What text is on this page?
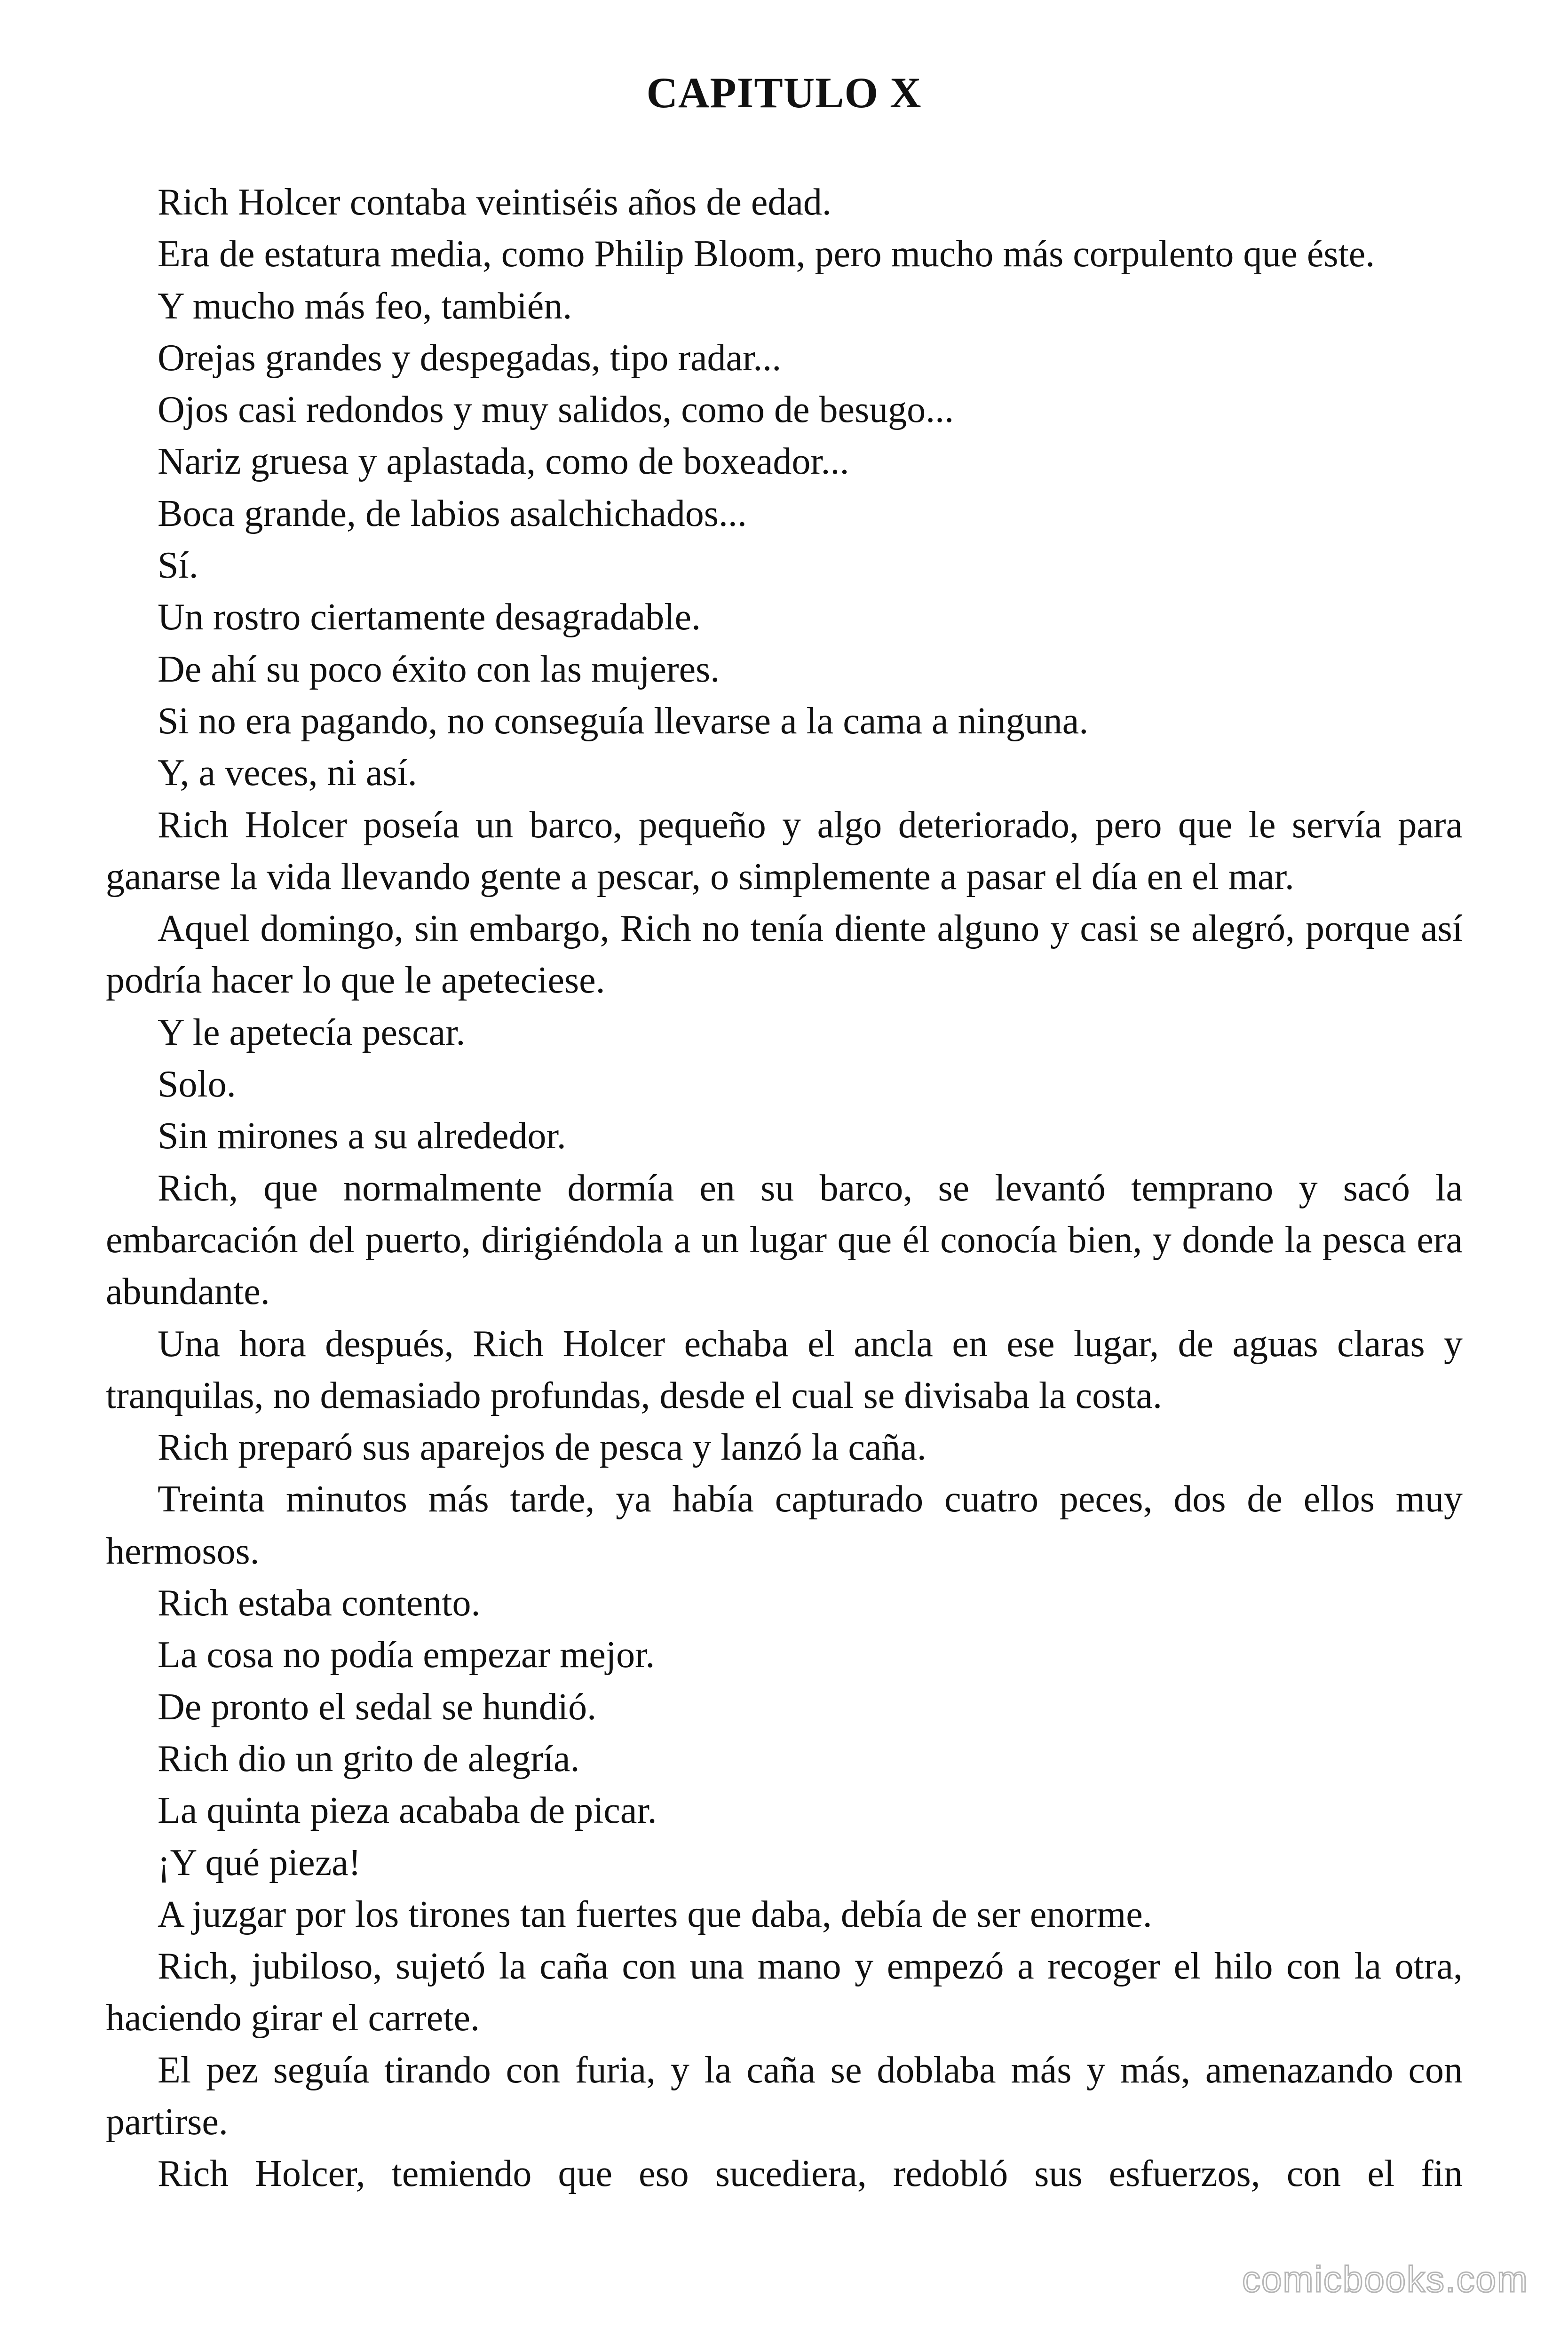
CAPITULO X

Rich Holcer contaba veintiséis años de edad.

Era de estatura media, como Philip Bloom, pero mucho más corpulento que éste.

Y mucho más feo, también.

Orejas grandes y despegadas, tipo radar...

Ojos casi redondos y muy salidos, como de besugo...

Nariz gruesa y aplastada, como de boxeador...

Boca grande, de labios asalchichados...

Sí.

Un rostro ciertamente desagradable.

De ahí su poco éxito con las mujeres.

Si no era pagando, no conseguía llevarse a la cama a ninguna.

Y, a veces, ni así.

Rich Holcer poseía un barco, pequeño y algo deteriorado, pero que le servía para ganarse la vida llevando gente a pescar, o simplemente a pasar el día en el mar.

Aquel domingo, sin embargo, Rich no tenía diente alguno y casi se alegró, porque así podría hacer lo que le apeteciese.

Y le apetecía pescar.

Solo.

Sin mirones a su alrededor.

Rich, que normalmente dormía en su barco, se levantó temprano y sacó la embarcación del puerto, dirigiéndola a un lugar que él conocía bien, y donde la pesca era abundante.

Una hora después, Rich Holcer echaba el ancla en ese lugar, de aguas claras y tranquilas, no demasiado profundas, desde el cual se divisaba la costa.

Rich preparó sus aparejos de pesca y lanzó la caña.

Treinta minutos más tarde, ya había capturado cuatro peces, dos de ellos muy hermosos.

Rich estaba contento.

La cosa no podía empezar mejor.

De pronto el sedal se hundió.

Rich dio un grito de alegría.

La quinta pieza acababa de picar.

¡Y qué pieza!

A juzgar por los tirones tan fuertes que daba, debía de ser enorme.

Rich, jubiloso, sujetó la caña con una mano y empezó a recoger el hilo con la otra, haciendo girar el carrete.

El pez seguía tirando con furia, y la caña se doblaba más y más, amenazando con partirse.

Rich Holcer, temiendo que eso sucediera, redobló sus esfuerzos, con el fin

comicbooks.com
